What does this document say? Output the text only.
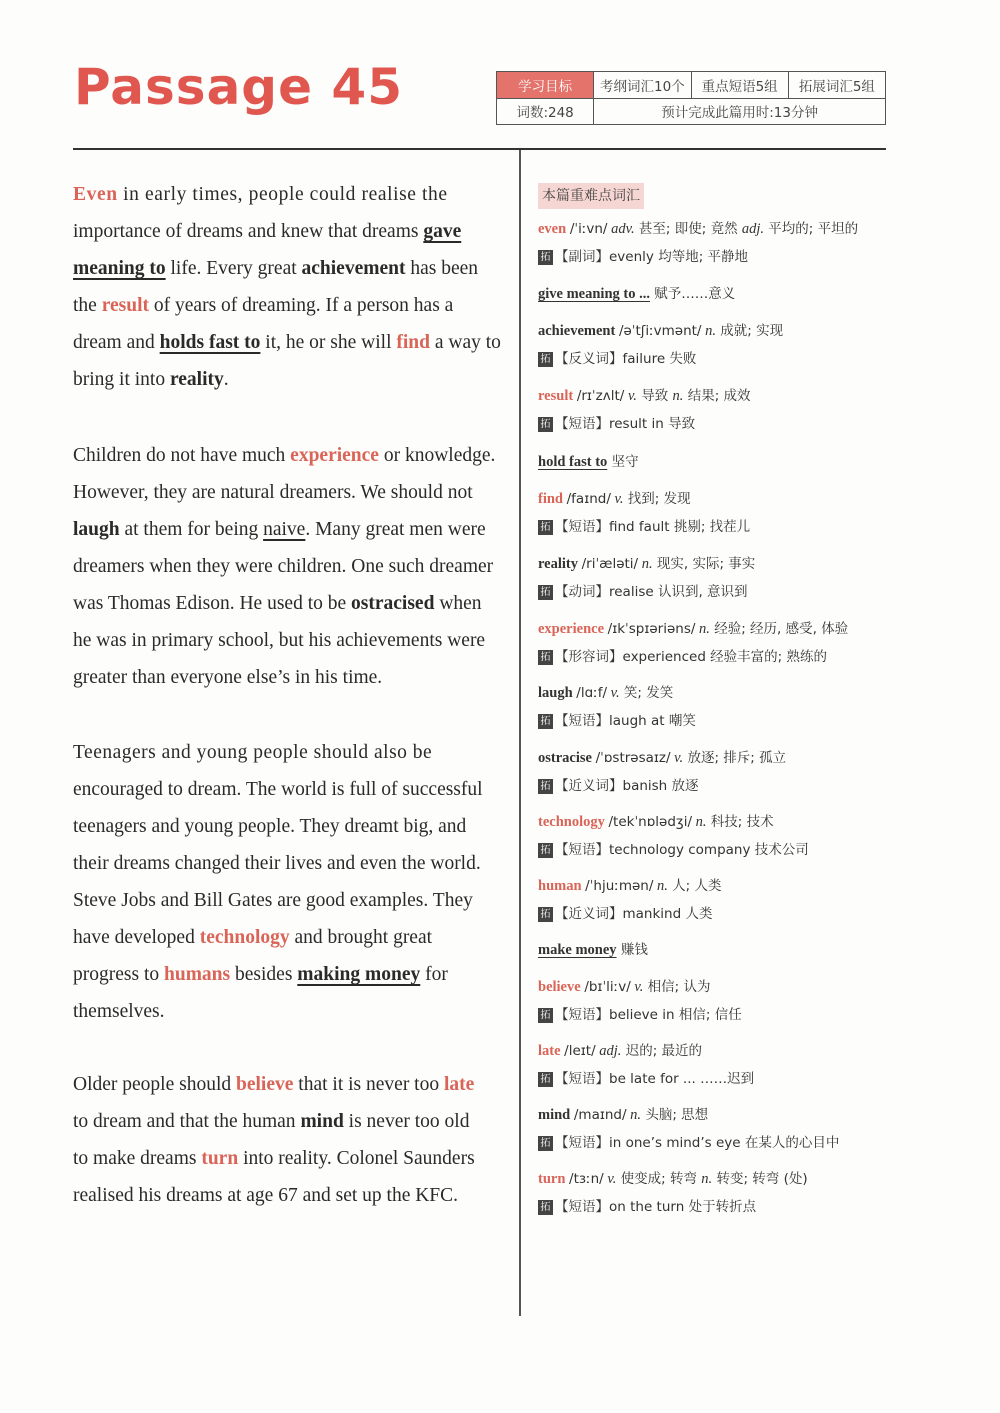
Passage 45	学习目标	考纲词汇10个	重点短语5组	拓展词汇5组
词数:248	预计完成此篇用时:13分钟		
Even in early times, people could realise the
importance of dreams and knew that dreams gave
meaning to life. Every great achievement has been
the result of years of dreaming. If a person has a
dream and holds fast to it, he or she will find a way to
bring it into reality.
Children do not have much experience or knowledge.
However, they are natural dreamers. We should not
laugh at them for being naive. Many great men were
dreamers when they were children. One such dreamer
was Thomas Edison. He used to be ostracised when
he was in primary school, but his achievements were
greater than everyone else’s in his time.
Teenagers and young people should also be
encouraged to dream. The world is full of successful
teenagers and young people. They dreamt big, and
their dreams changed their lives and even the world.
Steve Jobs and Bill Gates are good examples. They
have developed technology and brought great
progress to humans besides making money for
themselves.
Older people should believe that it is never too late
to dream and that the human mind is never too old
to make dreams turn into reality. Colonel Saunders
realised his dreams at age 67 and set up the KFC.
本篇重难点词汇
even /ˈiːvn/ adv. 甚至; 即使; 竟然 adj. 平均的; 平坦的
拓 【副词】evenly 均等地; 平静地
give meaning to ... 赋予……意义
achievement /əˈtʃiːvmənt/ n. 成就; 实现
拓 【反义词】failure 失败
result /rɪˈzʌlt/ v. 导致 n. 结果; 成效
拓 【短语】result in 导致
hold fast to 坚守
find /faɪnd/ v. 找到; 发现
拓 【短语】find fault 挑剔; 找茬儿
reality /riˈæləti/ n. 现实, 实际; 事实
拓 【动词】realise 认识到, 意识到
experience /ɪkˈspɪəriəns/ n. 经验; 经历, 感受, 体验
拓 【形容词】experienced 经验丰富的; 熟练的
laugh /lɑːf/ v. 笑; 发笑
拓 【短语】laugh at 嘲笑
ostracise /ˈɒstrəsaɪz/ v. 放逐; 排斥; 孤立
拓 【近义词】banish 放逐
technology /tekˈnɒlədʒi/ n. 科技; 技术
拓 【短语】technology company 技术公司
human /ˈhjuːmən/ n. 人; 人类
拓 【近义词】mankind 人类
make money 赚钱
believe /bɪˈliːv/ v. 相信; 认为
拓 【短语】believe in 相信; 信任
late /leɪt/ adj. 迟的; 最近的
拓 【短语】be late for ... ……迟到
mind /maɪnd/ n. 头脑; 思想
拓 【短语】in one’s mind’s eye 在某人的心目中
turn /tɜːn/ v. 使变成; 转弯 n. 转变; 转弯 (处)
拓 【短语】on the turn 处于转折点
